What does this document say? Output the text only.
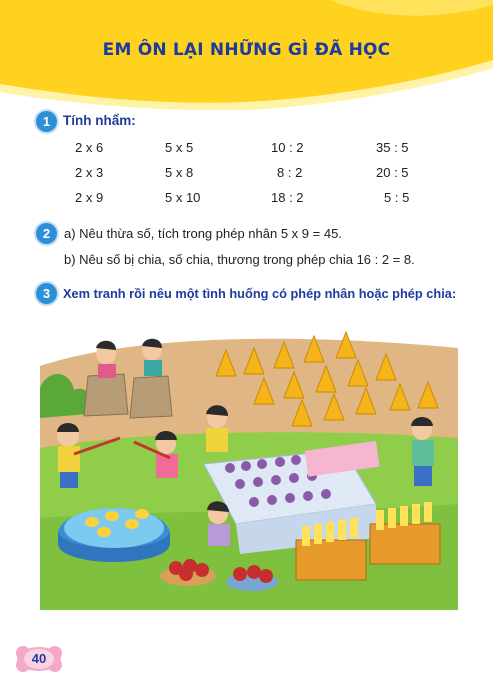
EM ÔN LẠI NHỮNG GÌ ĐÃ HỌC
1 Tính nhẩm:
2 x 6	5 x 5	10 : 2	35 : 5
2 x 3	5 x 8	8 : 2	20 : 5
2 x 9	5 x 10	18 : 2	5 : 5
2	a) Nêu thừa số, tích trong phép nhân 5 x 9 = 45.
b) Nêu số bị chia, số chia, thương trong phép chia 16 : 2 = 8.
3	Xem tranh rồi nêu một tình huống có phép nhân hoặc phép chia:
40
